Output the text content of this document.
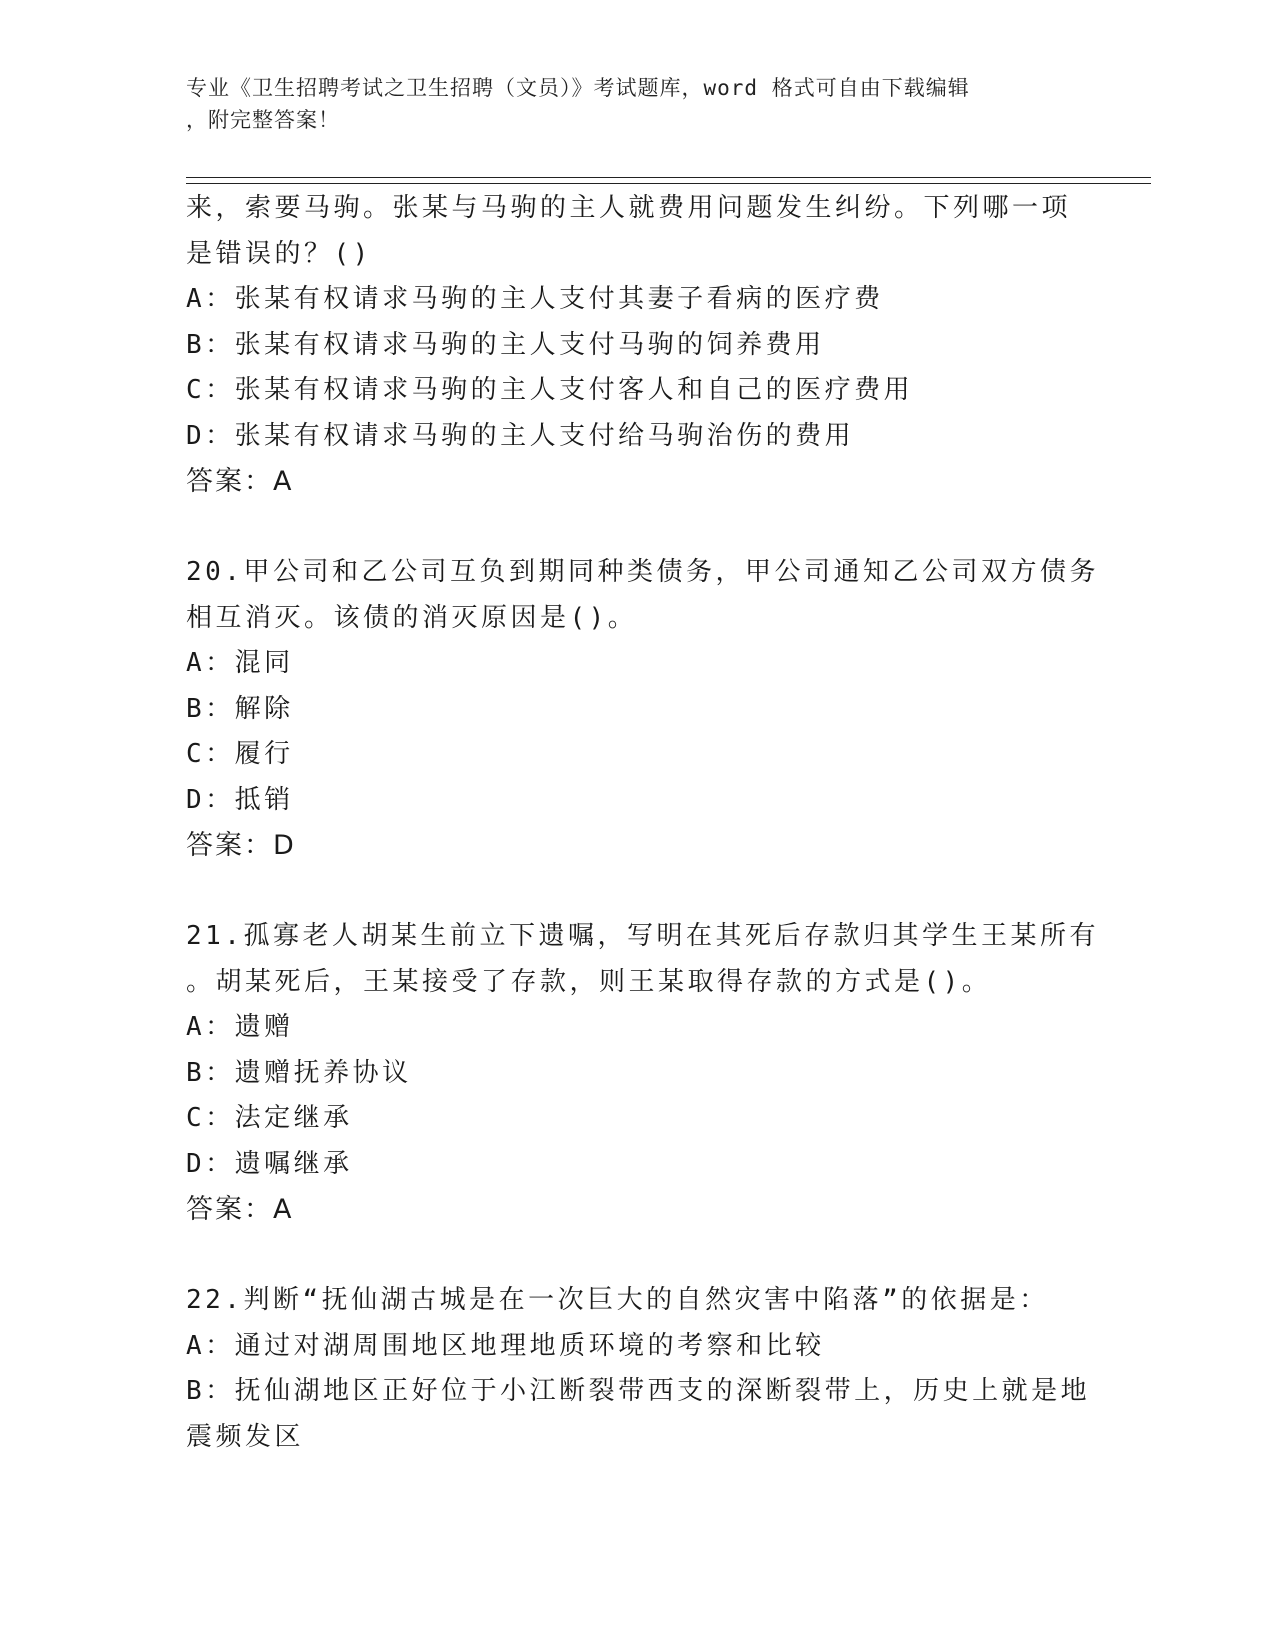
专业《卫生招聘考试之卫生招聘（文员）》考试题库，word 格式可自由下载编辑
，附完整答案！
来，索要马驹。张某与马驹的主人就费用问题发生纠纷。下列哪一项
是错误的？()
A：张某有权请求马驹的主人支付其妻子看病的医疗费
B：张某有权请求马驹的主人支付马驹的饲养费用
C：张某有权请求马驹的主人支付客人和自己的医疗费用
D：张某有权请求马驹的主人支付给马驹治伤的费用
答案：A
20.甲公司和乙公司互负到期同种类债务，甲公司通知乙公司双方债务
相互消灭。该债的消灭原因是()。
A：混同
B：解除
C：履行
D：抵销
答案：D
21.孤寡老人胡某生前立下遗嘱，写明在其死后存款归其学生王某所有
。胡某死后，王某接受了存款，则王某取得存款的方式是()。
A：遗赠
B：遗赠抚养协议
C：法定继承
D：遗嘱继承
答案：A
22.判断“抚仙湖古城是在一次巨大的自然灾害中陷落”的依据是：
A：通过对湖周围地区地理地质环境的考察和比较
B：抚仙湖地区正好位于小江断裂带西支的深断裂带上，历史上就是地
震频发区
